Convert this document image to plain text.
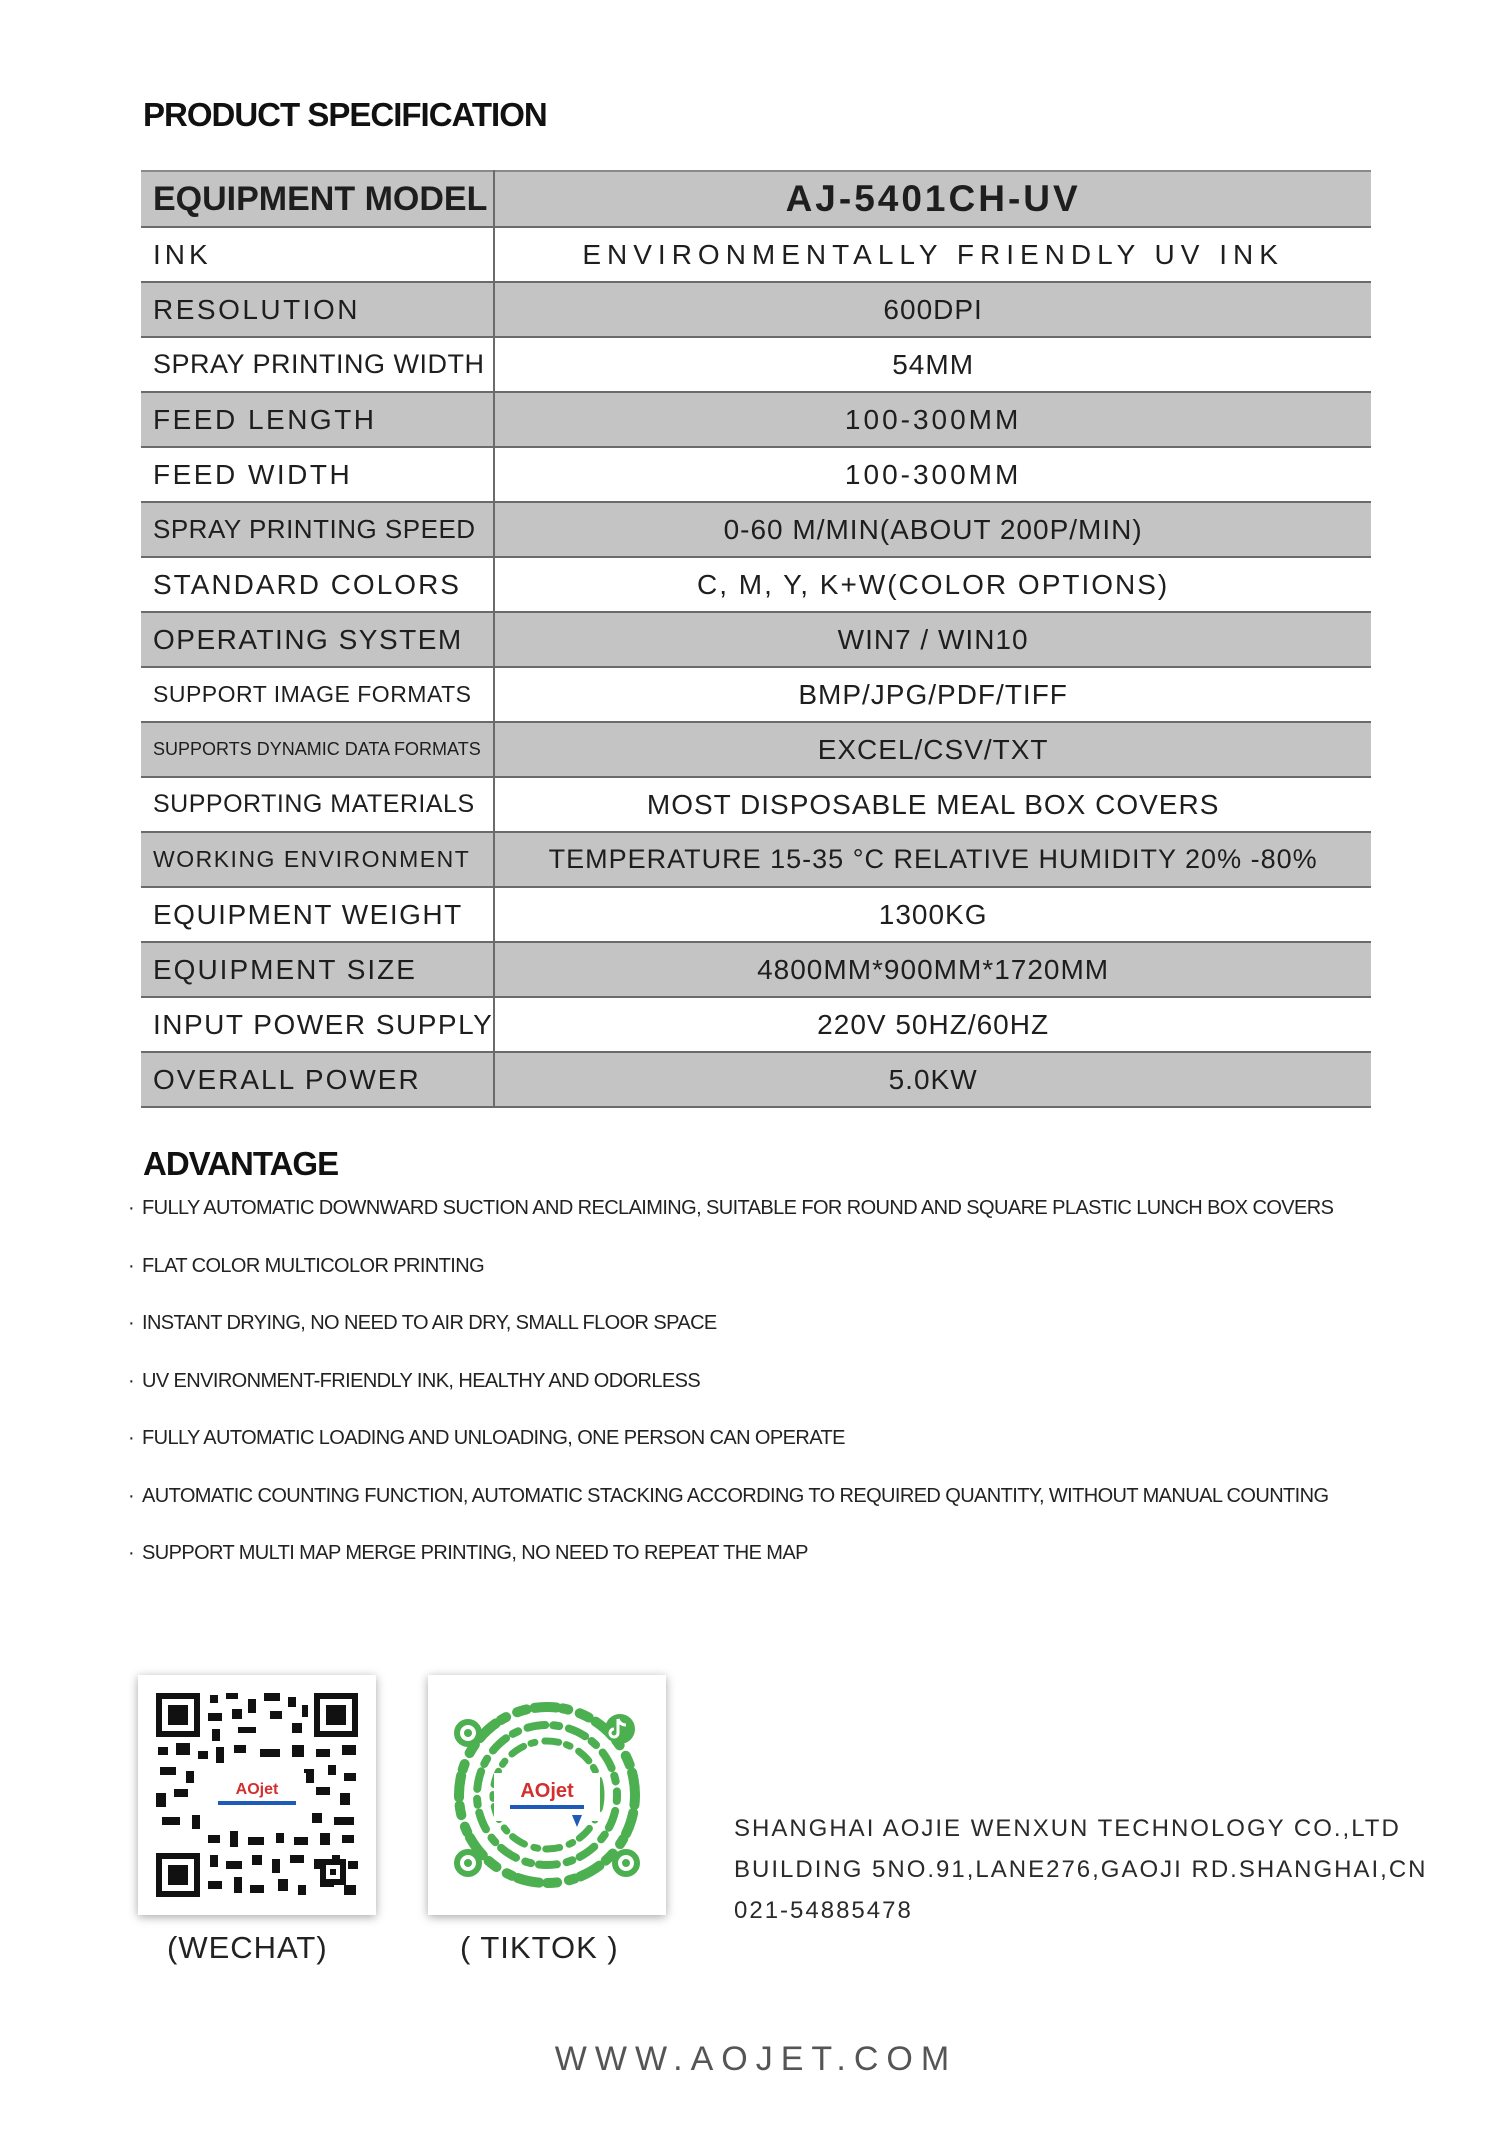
PRODUCT SPECIFICATION
EQUIPMENT MODEL	AJ-5401CH-UV
INK	ENVIRONMENTALLY FRIENDLY UV INK
RESOLUTION	600DPI
SPRAY PRINTING WIDTH	54MM
FEED LENGTH	100-300MM
FEED WIDTH	100-300MM
SPRAY PRINTING SPEED	0-60 M/MIN(ABOUT 200P/MIN)
STANDARD COLORS	C, M, Y, K+W(COLOR OPTIONS)
OPERATING SYSTEM	WIN7 / WIN10
SUPPORT IMAGE FORMATS	BMP/JPG/PDF/TIFF
SUPPORTS DYNAMIC DATA FORMATS	EXCEL/CSV/TXT
SUPPORTING MATERIALS	MOST DISPOSABLE MEAL BOX COVERS
WORKING ENVIRONMENT	TEMPERATURE 15-35 °C RELATIVE HUMIDITY 20% -80%
EQUIPMENT WEIGHT	1300KG
EQUIPMENT SIZE	4800MM*900MM*1720MM
INPUT POWER SUPPLY	220V 50HZ/60HZ
OVERALL POWER	5.0KW
ADVANTAGE
· FULLY AUTOMATIC DOWNWARD SUCTION AND RECLAIMING, SUITABLE FOR ROUND AND SQUARE PLASTIC LUNCH BOX COVERS
· FLAT COLOR MULTICOLOR PRINTING
· INSTANT DRYING, NO NEED TO AIR DRY, SMALL FLOOR SPACE
· UV ENVIRONMENT-FRIENDLY INK, HEALTHY AND ODORLESS
· FULLY AUTOMATIC LOADING AND UNLOADING, ONE PERSON CAN OPERATE
· AUTOMATIC COUNTING FUNCTION, AUTOMATIC STACKING ACCORDING TO REQUIRED QUANTITY, WITHOUT MANUAL COUNTING
· SUPPORT MULTI MAP MERGE PRINTING, NO NEED TO REPEAT THE MAP
AOjet
(WECHAT)
AOjet
( TIKTOK )
SHANGHAI AOJIE WENXUN TECHNOLOGY CO.,LTD
BUILDING 5NO.91,LANE276,GAOJI RD.SHANGHAI,CN
021-54885478
WWW.AOJET.COM
